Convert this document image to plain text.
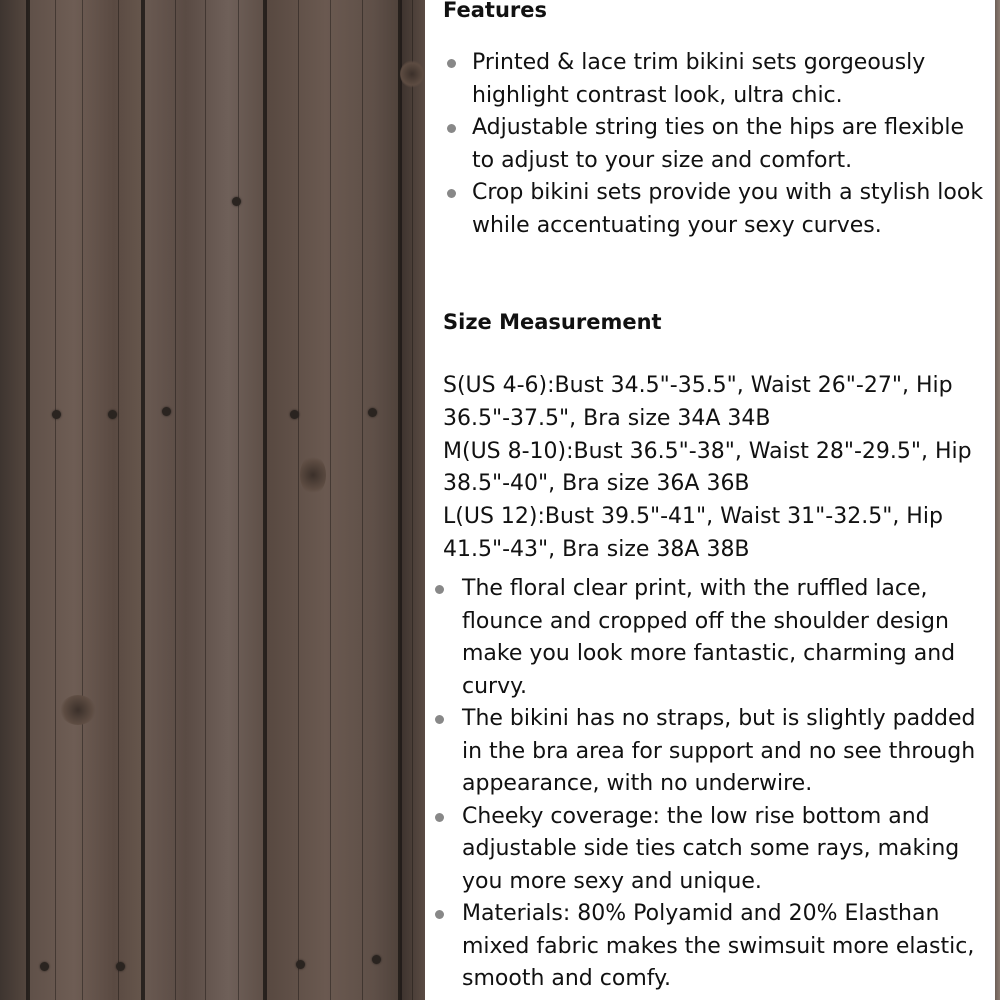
Features
Printed & lace trim bikini sets gorgeously highlight contrast look, ultra chic.
Adjustable string ties on the hips are flexible to adjust to your size and comfort.
Crop bikini sets provide you with a stylish look while accentuating your sexy curves.
Size Measurement
S(US 4-6):Bust 34.5"-35.5", Waist 26"-27", Hip
36.5"-37.5", Bra size 34A 34B
M(US 8-10):Bust 36.5"-38", Waist 28"-29.5", Hip
38.5"-40", Bra size 36A 36B
L(US 12):Bust 39.5"-41", Waist 31"-32.5", Hip
41.5"-43", Bra size 38A 38B
The floral clear print, with the ruffled lace, flounce and cropped off the shoulder design make you look more fantastic, charming and curvy.
The bikini has no straps, but is slightly padded in the bra area for support and no see through appearance, with no underwire.
Cheeky coverage: the low rise bottom and adjustable side ties catch some rays, making you more sexy and unique.
Materials: 80% Polyamid and 20% Elasthan mixed fabric makes the swimsuit more elastic, smooth and comfy.
